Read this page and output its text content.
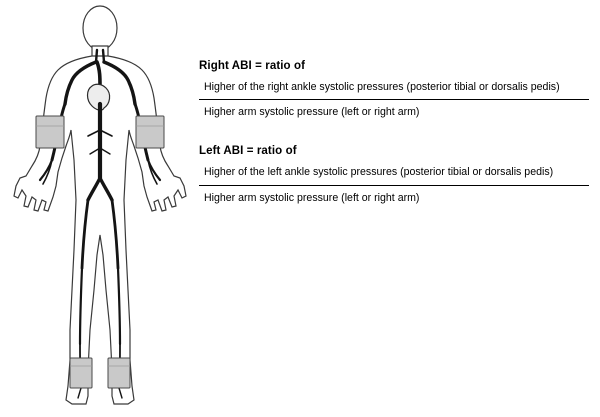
Right ABI = ratio of
Higher of the right ankle systolic pressures (posterior tibial or dorsalis pedis)
Higher arm systolic pressure (left or right arm)
Left ABI = ratio of
Higher of the left ankle systolic pressures (posterior tibial or dorsalis pedis)
Higher arm systolic pressure (left or right arm)
